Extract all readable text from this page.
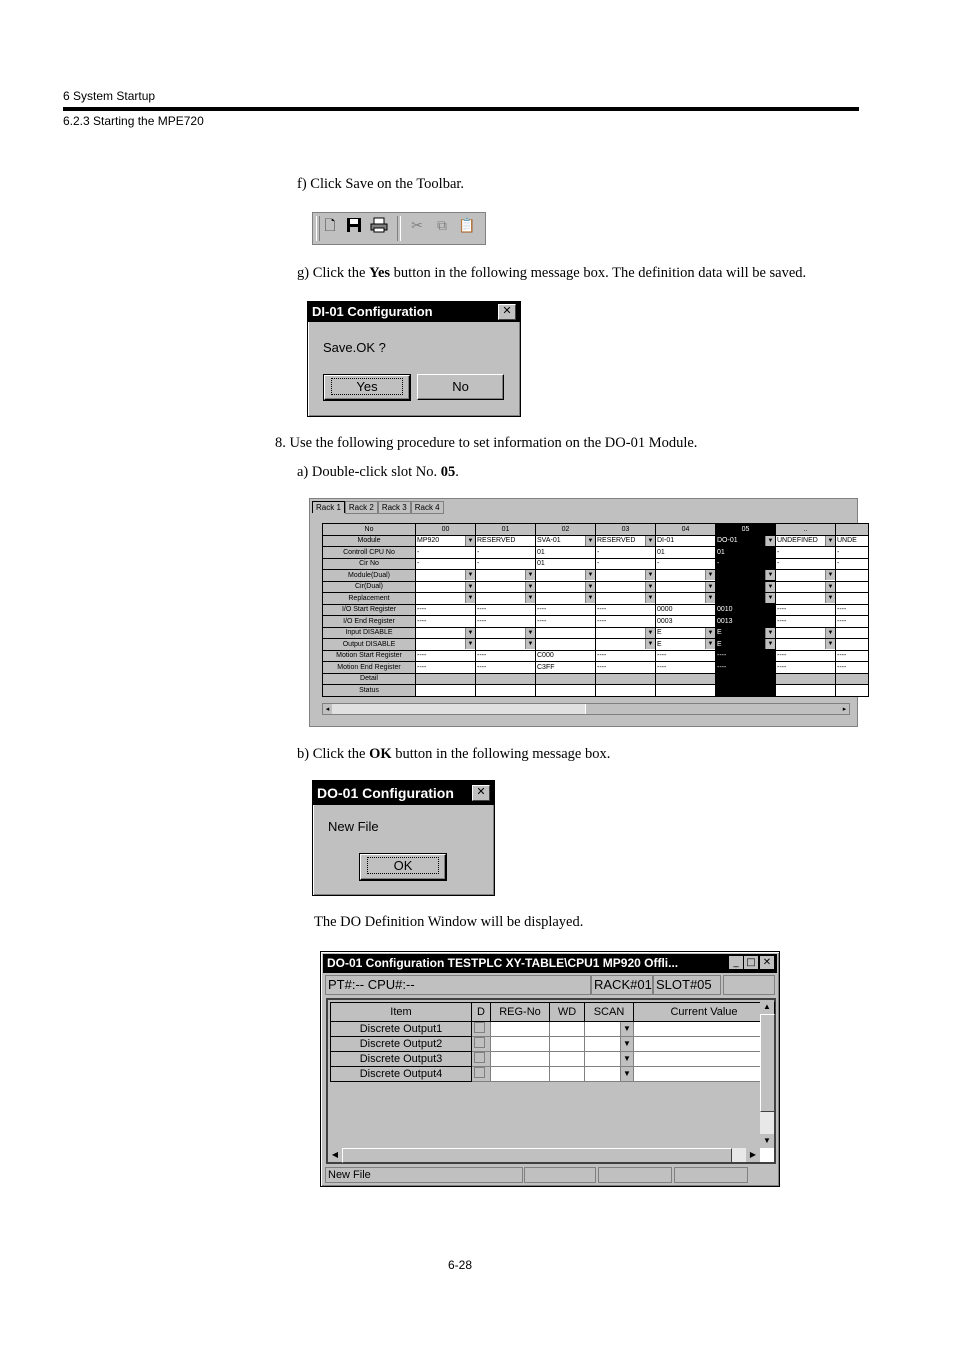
6 System Startup
6.2.3 Starting the MPE720
f) Click Save on the Toolbar.
🗋	✂ ⧉ 📋
g) Click the Yes button in the following message box. The definition data will be saved.
DI-01 Configuration	✕
Save.OK ?
Yes	No
8. Use the following procedure to set information on the DO-01 Module.
a) Double-click slot No. 05.
Rack 1 Rack 2 Rack 3 Rack 4
No	00	01	02	03	04	05	..	
Module	MP920 ▼	RESERVED	SVA-01 ▼	RESERVED ▼	DI-01	DO-01 ▼	UNDEFINED ▼	UNDE
Controll CPU No	-	-	01	-	01	01	-	-
Cir No	-	-	01	-	-	-	-	-
Module(Dual)	▼	▼	▼	▼	▼	▼	▼	

Cir(Dual)	▼	▼	▼	▼	▼	▼	▼	

Replacement	▼	▼	▼	▼	▼	▼	▼	

I/O Start Register	----	----	----	----	0000	0010	----	----
I/O End Register	----	----	----	----	0003	0013	----	----
Input DISABLE	▼	▼		▼	E ▼	E ▼	▼	

Output DISABLE	▼	▼		▼	E ▼	E ▼	▼	

Motion Start Register	----	----	C000	----	----	----	----	----
Motion End Register	----	----	C3FF	----	----	----	----	----
Detail								
Status								
◂	▸
b) Click the OK button in the following message box.
DO-01 Configuration	✕
New File
OK
The DO Definition Window will be displayed.
DO-01 Configuration TESTPLC XY-TABLE\CPU1 MP920 Offli...	_ □ ✕
PT#:-- CPU#:--	RACK#01 SLOT#05
Item	D	REG-No	WD	SCAN	Current Value
Discrete Output1				▼	

Discrete Output2				▼	

Discrete Output3				▼	

Discrete Output4				▼	

▲
▼
◀	▶
New File
6-28
